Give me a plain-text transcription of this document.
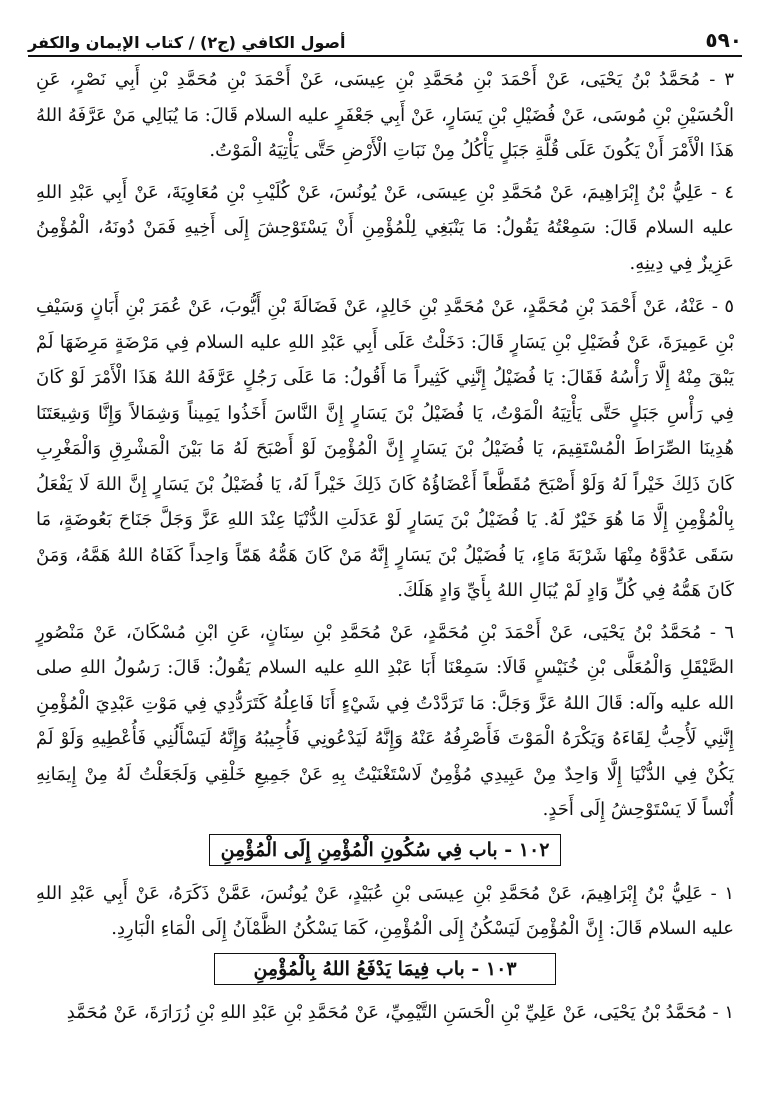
٥٩٠
أصول الكافي (ج٢) / كتاب الإيمان والكفر

٣ - مُحَمَّدُ بْنُ يَحْيَى، عَنْ أَحْمَدَ بْنِ مُحَمَّدِ بْنِ عِيسَى، عَنْ أَحْمَدَ بْنِ مُحَمَّدِ بْنِ أَبِي نَصْرٍ، عَنِ الْحُسَيْنِ بْنِ مُوسَى، عَنْ فُضَيْلِ بْنِ يَسَارٍ، عَنْ أَبِي جَعْفَرٍ عليه السلام قَالَ: مَا يُبَالِي مَنْ عَرَّفَهُ اللهُ هَذَا الْأَمْرَ أَنْ يَكُونَ عَلَى قُلَّةِ جَبَلٍ يَأْكُلُ مِنْ نَبَاتِ الْأَرْضِ حَتَّى يَأْتِيَهُ الْمَوْتُ.

٤ - عَلِيُّ بْنُ إِبْرَاهِيمَ، عَنْ مُحَمَّدِ بْنِ عِيسَى، عَنْ يُونُسَ، عَنْ كُلَيْبِ بْنِ مُعَاوِيَةَ، عَنْ أَبِي عَبْدِ اللهِ عليه السلام قَالَ: سَمِعْتُهُ يَقُولُ: مَا يَنْبَغِي لِلْمُؤْمِنِ أَنْ يَسْتَوْحِشَ إِلَى أَخِيهِ فَمَنْ دُونَهُ، الْمُؤْمِنُ عَزِيزٌ فِي دِينِهِ.

٥ - عَنْهُ، عَنْ أَحْمَدَ بْنِ مُحَمَّدٍ، عَنْ مُحَمَّدِ بْنِ خَالِدٍ، عَنْ فَضَالَةَ بْنِ أَيُّوبَ، عَنْ عُمَرَ بْنِ أَبَانٍ وَسَيْفِ بْنِ عَمِيرَةَ، عَنْ فُضَيْلِ بْنِ يَسَارٍ قَالَ: دَخَلْتُ عَلَى أَبِي عَبْدِ اللهِ عليه السلام فِي مَرْضَةٍ مَرِضَهَا لَمْ يَبْقَ مِنْهُ إِلَّا رَأْسُهُ فَقَالَ: يَا فُضَيْلُ إِنَّنِي كَثِيراً مَا أَقُولُ: مَا عَلَى رَجُلٍ عَرَّفَهُ اللهُ هَذَا الْأَمْرَ لَوْ كَانَ فِي رَأْسِ جَبَلٍ حَتَّى يَأْتِيَهُ الْمَوْتُ، يَا فُضَيْلُ بْنَ يَسَارٍ إِنَّ النَّاسَ أَخَذُوا يَمِيناً وَشِمَالاً وَإِنَّا وَشِيعَتَنَا هُدِينَا الصِّرَاطَ الْمُسْتَقِيمَ، يَا فُضَيْلُ بْنَ يَسَارٍ إِنَّ الْمُؤْمِنَ لَوْ أَصْبَحَ لَهُ مَا بَيْنَ الْمَشْرِقِ وَالْمَغْرِبِ كَانَ ذَلِكَ خَيْراً لَهُ وَلَوْ أَصْبَحَ مُقَطَّعاً أَعْضَاؤُهُ كَانَ ذَلِكَ خَيْراً لَهُ، يَا فُضَيْلُ بْنَ يَسَارٍ إِنَّ اللهَ لَا يَفْعَلُ بِالْمُؤْمِنِ إِلَّا مَا هُوَ خَيْرٌ لَهُ. يَا فُضَيْلُ بْنَ يَسَارٍ لَوْ عَدَلَتِ الدُّنْيَا عِنْدَ اللهِ عَزَّ وَجَلَّ جَنَاحَ بَعُوضَةٍ، مَا سَقَى عَدُوَّهُ مِنْهَا شَرْبَةَ مَاءٍ، يَا فُضَيْلُ بْنَ يَسَارٍ إِنَّهُ مَنْ كَانَ هَمُّهُ هَمّاً وَاحِداً كَفَاهُ اللهُ هَمَّهُ، وَمَنْ كَانَ هَمُّهُ فِي كُلِّ وَادٍ لَمْ يُبَالِ اللهُ بِأَيِّ وَادٍ هَلَكَ.

٦ - مُحَمَّدُ بْنُ يَحْيَى، عَنْ أَحْمَدَ بْنِ مُحَمَّدٍ، عَنْ مُحَمَّدِ بْنِ سِنَانٍ، عَنِ ابْنِ مُسْكَانَ، عَنْ مَنْصُورٍ الصَّيْقَلِ وَالْمُعَلَّى بْنِ خُنَيْسٍ قَالَا: سَمِعْنَا أَبَا عَبْدِ اللهِ عليه السلام يَقُولُ: قَالَ: رَسُولُ اللهِ صلى الله عليه وآله: قَالَ اللهُ عَزَّ وَجَلَّ: مَا تَرَدَّدْتُ فِي شَيْءٍ أَنَا فَاعِلُهُ كَتَرَدُّدِي فِي مَوْتِ عَبْدِيَ الْمُؤْمِنِ إِنَّنِي لَأُحِبُّ لِقَاءَهُ وَيَكْرَهُ الْمَوْتَ فَأَصْرِفُهُ عَنْهُ وَإِنَّهُ لَيَدْعُونِي فَأُجِيبُهُ وَإِنَّهُ لَيَسْأَلُنِي فَأُعْطِيهِ وَلَوْ لَمْ يَكُنْ فِي الدُّنْيَا إِلَّا وَاحِدٌ مِنْ عَبِيدِي مُؤْمِنٌ لَاسْتَغْنَيْتُ بِهِ عَنْ جَمِيعِ خَلْقِي وَلَجَعَلْتُ لَهُ مِنْ إِيمَانِهِ أُنْساً لَا يَسْتَوْحِشُ إِلَى أَحَدٍ.

١٠٢ - باب فِي سُكُونِ الْمُؤْمِنِ إِلَى الْمُؤْمِنِ

١ - عَلِيُّ بْنُ إِبْرَاهِيمَ، عَنْ مُحَمَّدِ بْنِ عِيسَى بْنِ عُبَيْدٍ، عَنْ يُونُسَ، عَمَّنْ ذَكَرَهُ، عَنْ أَبِي عَبْدِ اللهِ عليه السلام قَالَ: إِنَّ الْمُؤْمِنَ لَيَسْكُنُ إِلَى الْمُؤْمِنِ، كَمَا يَسْكُنُ الظَّمْآنُ إِلَى الْمَاءِ الْبَارِدِ.

١٠٣ - باب فِيمَا يَدْفَعُ اللهُ بِالْمُؤْمِنِ

١ - مُحَمَّدُ بْنُ يَحْيَى، عَنْ عَلِيِّ بْنِ الْحَسَنِ التَّيْمِيِّ، عَنْ مُحَمَّدِ بْنِ عَبْدِ اللهِ بْنِ زُرَارَةَ، عَنْ مُحَمَّدِ
